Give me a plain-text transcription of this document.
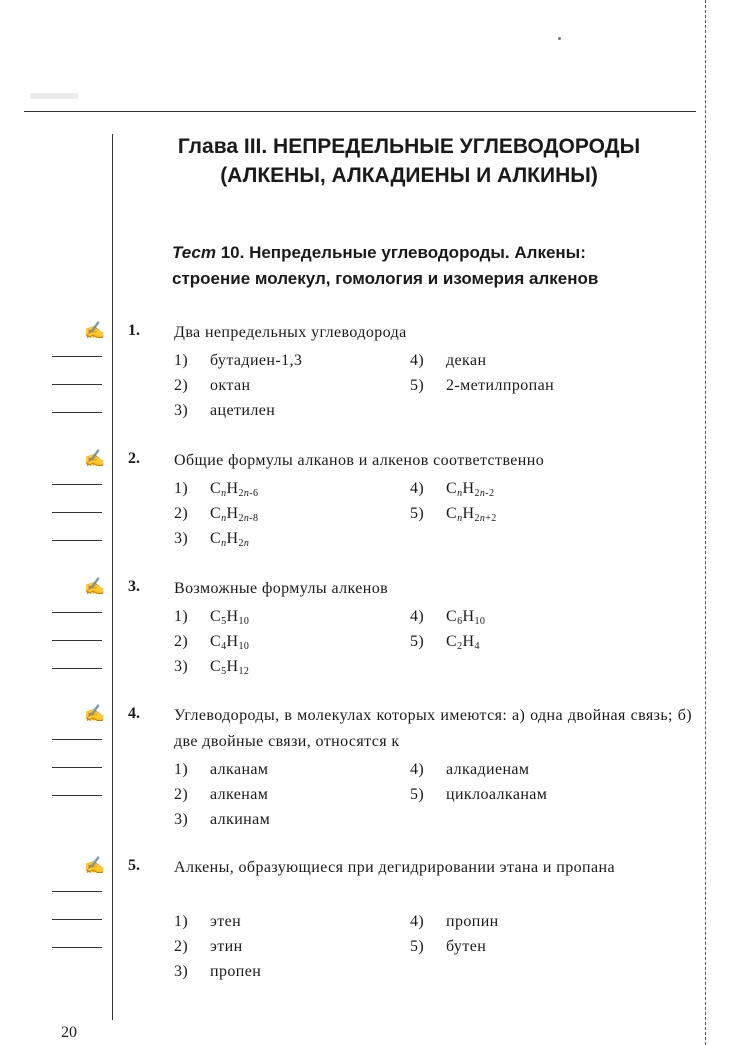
Глава III. НЕПРЕДЕЛЬНЫЕ УГЛЕВОДОРОДЫ
(АЛКЕНЫ, АЛКАДИЕНЫ И АЛКИНЫ)
Тест 10. Непредельные углеводороды. Алкены:
строение молекул, гомология и изомерия алкенов
✍ 1. Два непредельных углеводорода
1) бутадиен-1,3
2) октан
3) ацетилен
4) декан
5) 2-метилпропан
✍ 2. Общие формулы алканов и алкенов соответственно
1) $C_nH_{2n-6}$
2) $C_nH_{2n-8}$
3) $C_nH_{2n}$
4) $C_nH_{2n-2}$
5) $C_nH_{2n+2}$
✍ 3. Возможные формулы алкенов
1) $C_5H_{10}$
2) $C_4H_{10}$
3) $C_5H_{12}$
4) $C_6H_{10}$
5) $C_2H_4$
✍ 4. Углеводороды, в молекулах которых имеются: а) одна двойная связь; б) две двойные связи, относятся к
1) алканам
2) алкенам
3) алкинам
4) алкадиенам
5) циклоалканам
✍ 5. Алкены, образующиеся при дегидрировании этана и пропана
1) этен
2) этин
3) пропен
4) пропин
5) бутен
20
